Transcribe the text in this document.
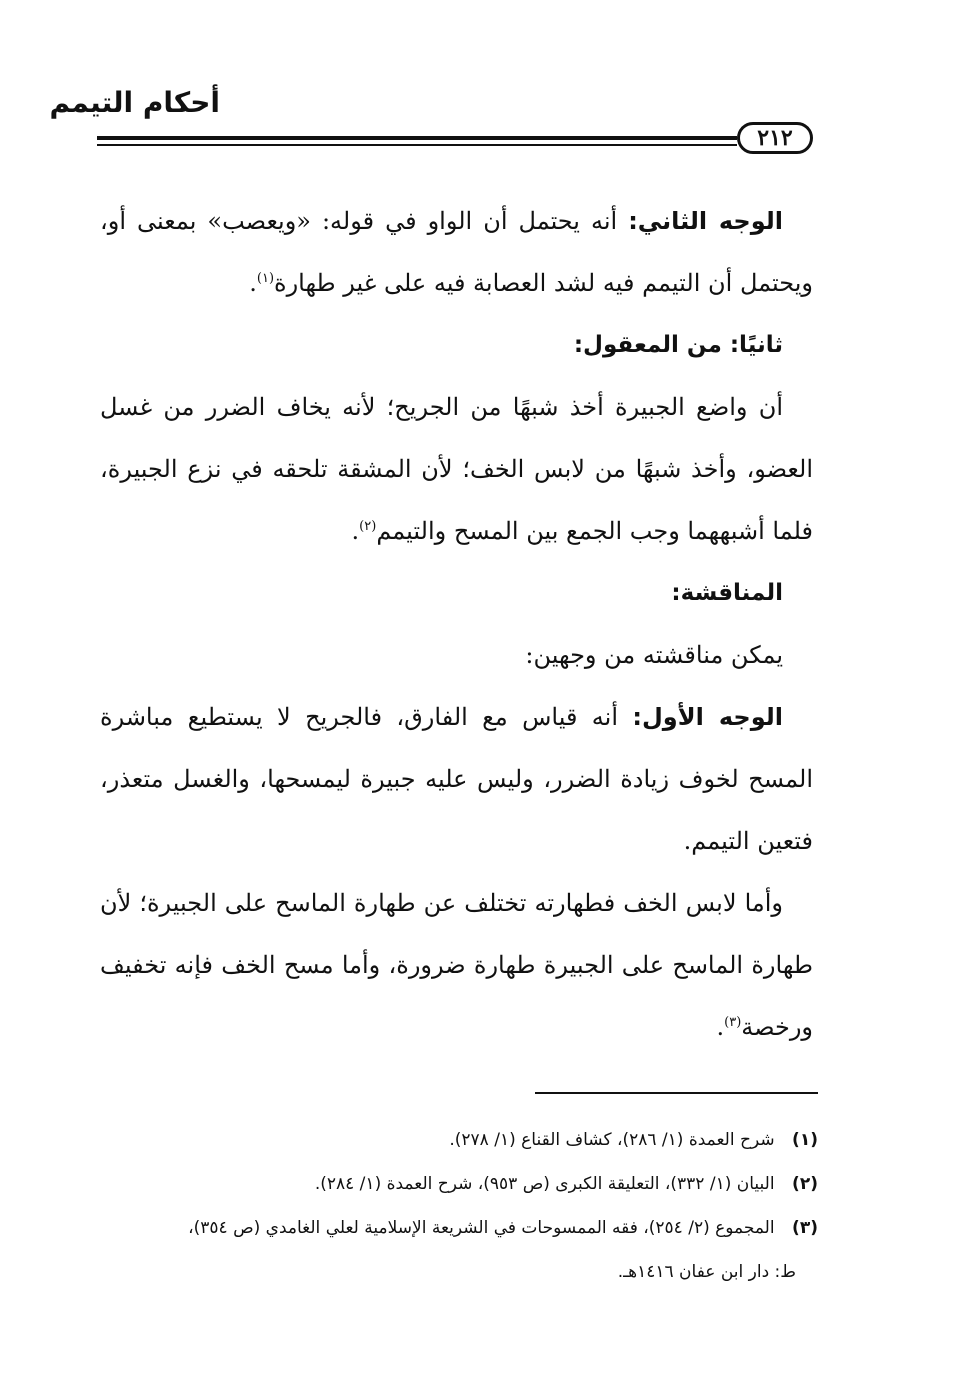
أحكام التيمم
٢١٢

الوجه الثاني: أنه يحتمل أن الواو في قوله: «ويعصب» بمعنى أو، ويحتمل أن التيمم فيه لشد العصابة فيه على غير طهارة$^{(١)}$.

ثانيًا: من المعقول:

أن واضع الجبيرة أخذ شبهًا من الجريح؛ لأنه يخاف الضرر من غسل العضو، وأخذ شبهًا من لابس الخف؛ لأن المشقة تلحقه في نزع الجبيرة، فلما أشبههما وجب الجمع بين المسح والتيمم$^{(٢)}$.

المناقشة:

يمكن مناقشته من وجهين:

الوجه الأول: أنه قياس مع الفارق، فالجريح لا يستطيع مباشرة المسح لخوف زيادة الضرر، وليس عليه جبيرة ليمسحها، والغسل متعذر، فتعين التيمم.

وأما لابس الخف فطهارته تختلف عن طهارة الماسح على الجبيرة؛ لأن طهارة الماسح على الجبيرة طهارة ضرورة، وأما مسح الخف فإنه تخفيف ورخصة$^{(٣)}$.

(١) شرح العمدة (١/ ٢٨٦)، كشاف القناع (١/ ٢٧٨).

(٢) البيان (١/ ٣٣٢)، التعليقة الكبرى (ص ٩٥٣)، شرح العمدة (١/ ٢٨٤).

(٣) المجموع (٢/ ٢٥٤)، فقه الممسوحات في الشريعة الإسلامية لعلي الغامدي (ص ٣٥٤)،

ط: دار ابن عفان ١٤١٦هـ.
